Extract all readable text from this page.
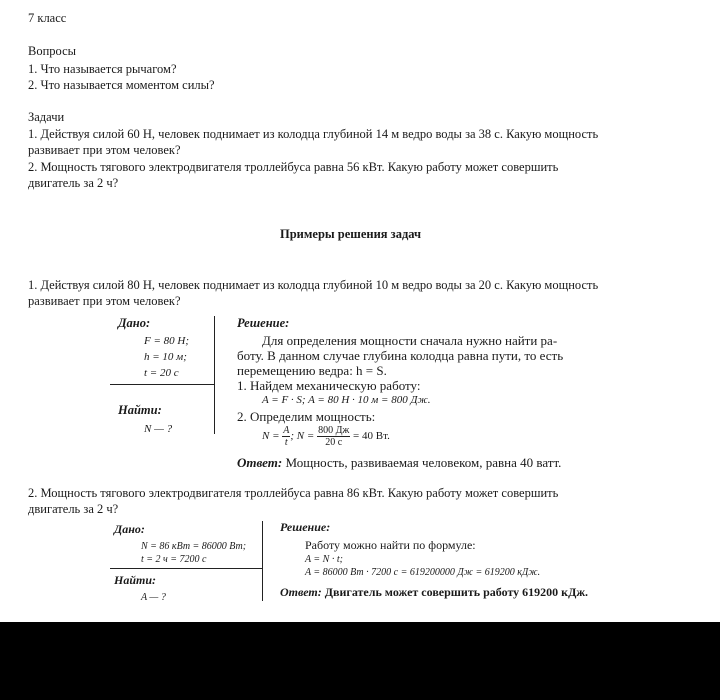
7 класс
Вопросы
1. Что называется рычагом?
2. Что называется моментом силы?
Задачи
1. Действуя силой 60 Н, человек поднимает из колодца глубиной 14 м ведро воды за 38 с. Какую мощность
развивает при этом человек?
2. Мощность тягового электродвигателя троллейбуса равна 56 кВт. Какую работу может совершить
двигатель за 2 ч?
Примеры решения задач
1. Действуя силой 80 Н, человек поднимает из колодца глубиной 10 м ведро воды за 20 с. Какую мощность
развивает при этом человек?
Дано:
F = 80 Н;
h = 10 м;
t = 20 с
Найти:
N — ?
Решение:
Для определения мощности сначала нужно найти ра-
боту. В данном случае глубина колодца равна пути, то есть
перемещению ведра: h = S.
1. Найдем механическую работу:
A = F · S; A = 80 Н · 10 м = 800 Дж.
2. Определим мощность:
$N = \frac{A}{t}$ ; $N = \frac{800 Дж}{20 с} = 40$ Вт.
Ответ: Мощность, развиваемая человеком, равна 40 ватт.
2. Мощность тягового электродвигателя троллейбуса равна 86 кВт. Какую работу может совершить
двигатель за 2 ч?
Дано:
N = 86 кВт = 86000 Вт;
t = 2 ч = 7200 с
Найти:
A — ?
Решение:
Работу можно найти по формуле:
A = N · t;
A = 86000 Вт · 7200 с = 619200000 Дж = 619200 кДж.
Ответ: Двигатель может совершить работу 619200 кДж.
